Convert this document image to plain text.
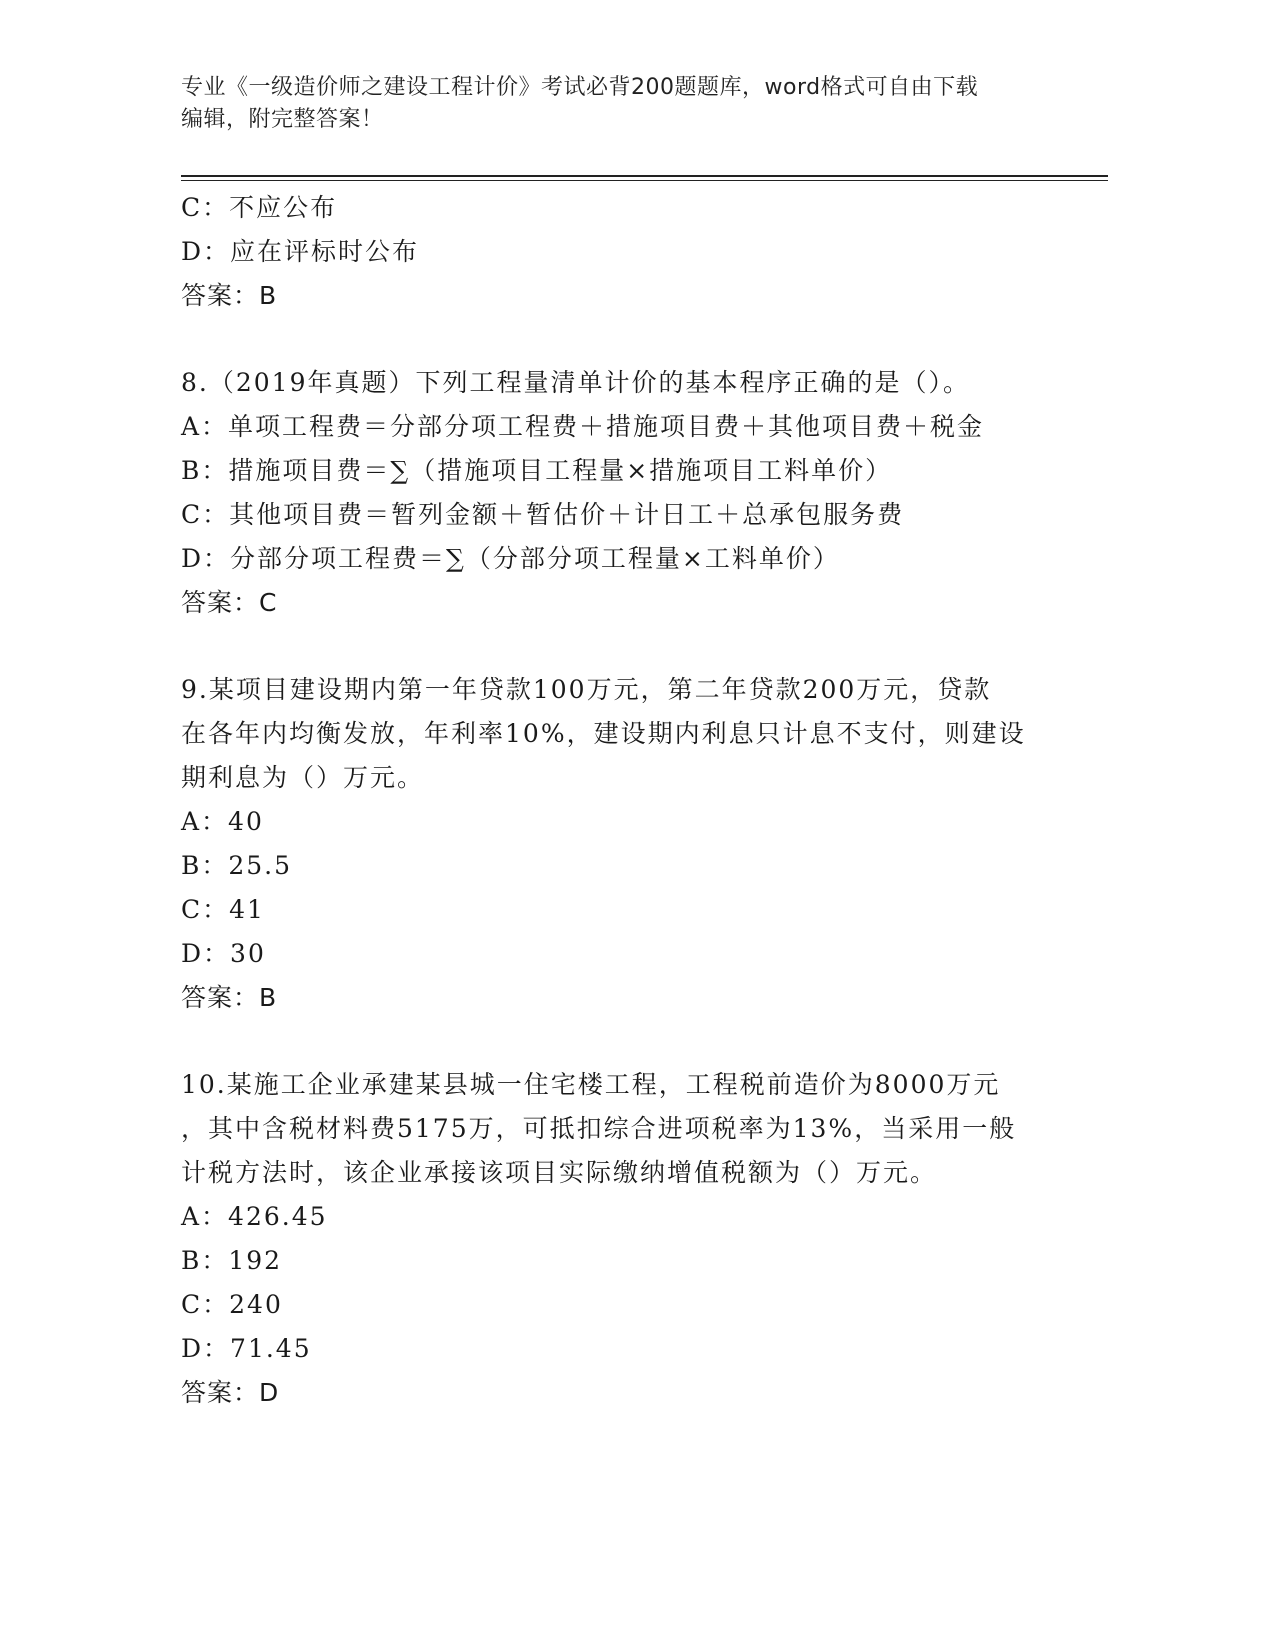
专业《一级造价师之建设工程计价》考试必背200题题库，word格式可自由下载
编辑，附完整答案！
C：不应公布
D：应在评标时公布
答案：B
8.（2019年真题）下列工程量清单计价的基本程序正确的是（）。
A：单项工程费＝分部分项工程费＋措施项目费＋其他项目费＋税金
B：措施项目费＝∑（措施项目工程量×措施项目工料单价）
C：其他项目费＝暂列金额＋暂估价＋计日工＋总承包服务费
D：分部分项工程费＝∑（分部分项工程量×工料单价）
答案：C
9.某项目建设期内第一年贷款100万元，第二年贷款200万元，贷款
在各年内均衡发放，年利率10%，建设期内利息只计息不支付，则建设
期利息为（）万元。
A：40
B：25.5
C：41
D：30
答案：B
10.某施工企业承建某县城一住宅楼工程，工程税前造价为8000万元
，其中含税材料费5175万，可抵扣综合进项税率为13%，当采用一般
计税方法时，该企业承接该项目实际缴纳增值税额为（）万元。
A：426.45
B：192
C：240
D：71.45
答案：D
